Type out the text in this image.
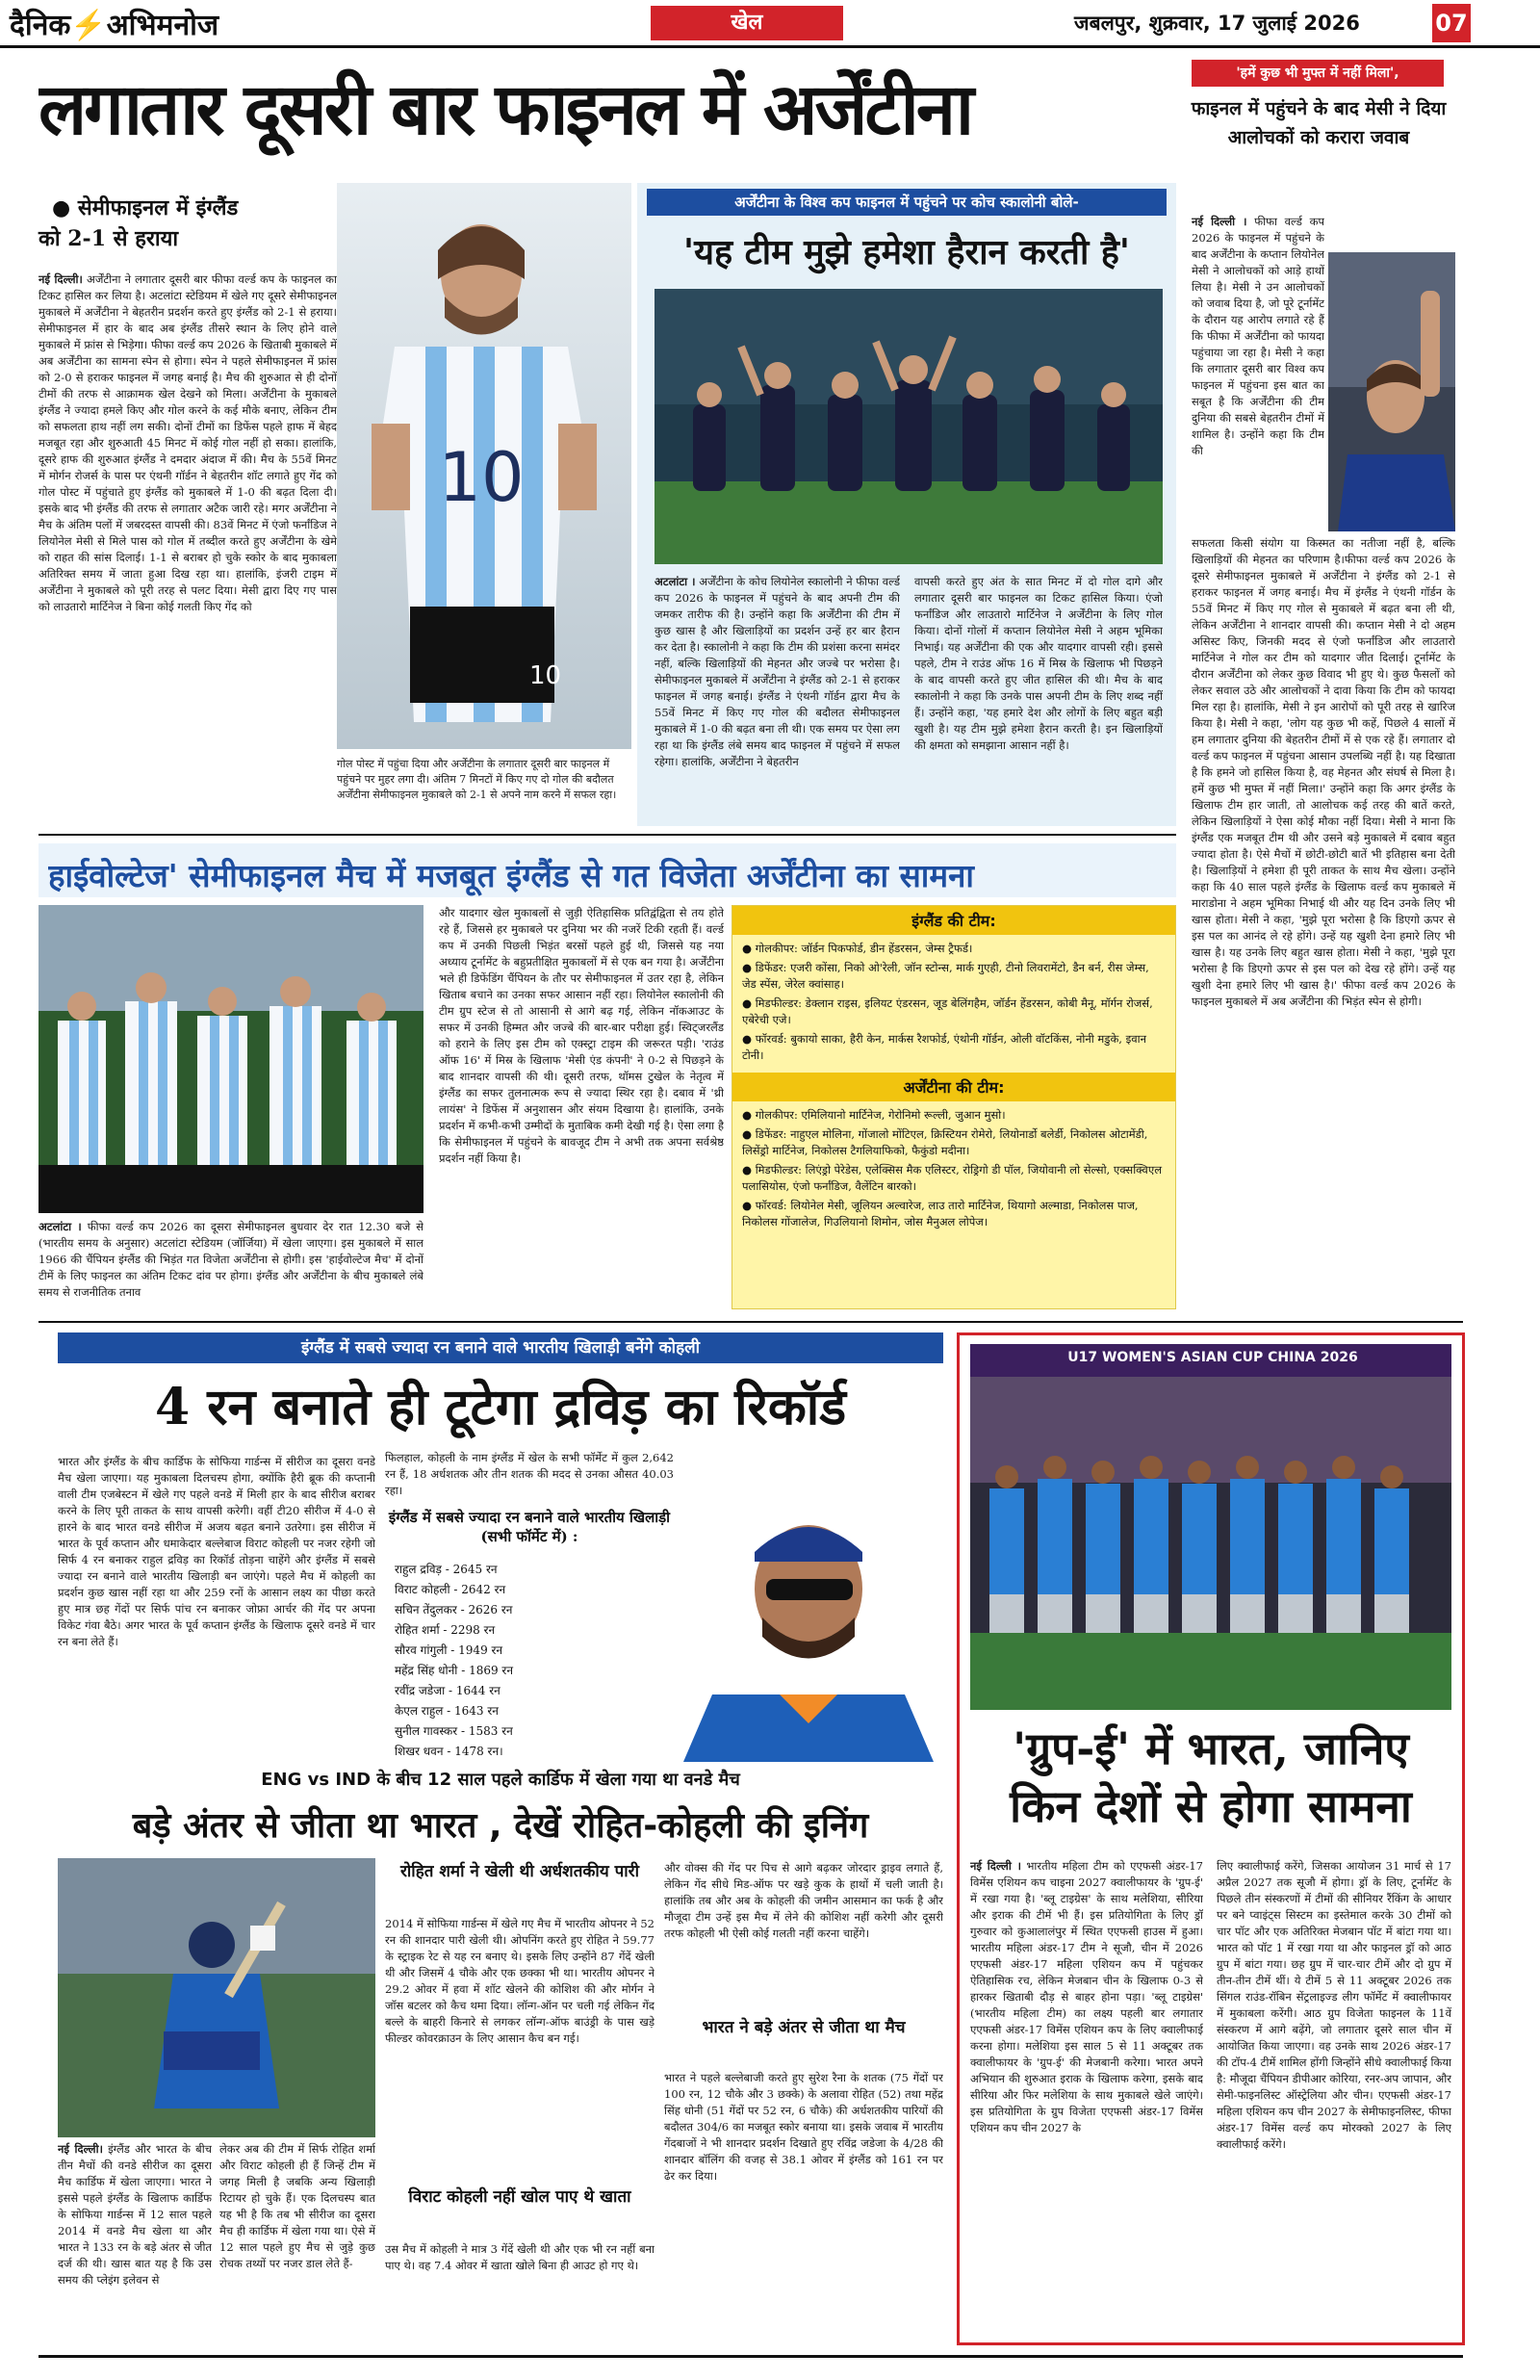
दैनिक⚡अभिमनोज	खेल	जबलपुर, शुक्रवार, 17 जुलाई 2026	07
लगातार दूसरी बार फाइनल में अर्जेंटीना
● सेमीफाइनल में इंग्लैंड
को 2-1 से हराया
नई दिल्ली। अर्जेंटीना ने लगातार दूसरी बार फीफा वर्ल्ड कप के फाइनल का टिकट हासिल कर लिया है। अटलांटा स्टेडियम में खेले गए दूसरे सेमीफाइनल मुकाबले में अर्जेंटीना ने बेहतरीन प्रदर्शन करते हुए इंग्लैंड को 2-1 से हराया। सेमीफाइनल में हार के बाद अब इंग्लैंड तीसरे स्थान के लिए होने वाले मुकाबले में फ्रांस से भिड़ेगा। फीफा वर्ल्ड कप 2026 के खिताबी मुकाबले में अब अर्जेंटीना का सामना स्पेन से होगा। स्पेन ने पहले सेमीफाइनल में फ्रांस को 2-0 से हराकर फाइनल में जगह बनाई है। मैच की शुरुआत से ही दोनों टीमों की तरफ से आक्रामक खेल देखने को मिला। अर्जेंटीना के मुकाबले इंग्लैंड ने ज्यादा हमले किए और गोल करने के कई मौके बनाए, लेकिन टीम को सफलता हाथ नहीं लग सकी। दोनों टीमों का डिफेंस पहले हाफ में बेहद मजबूत रहा और शुरुआती 45 मिनट में कोई गोल नहीं हो सका। हालांकि, दूसरे हाफ की शुरुआत इंग्लैंड ने दमदार अंदाज में की। मैच के 55वें मिनट में मोर्गन रोजर्स के पास पर एंथनी गॉर्डन ने बेहतरीन शॉट लगाते हुए गेंद को गोल पोस्ट में पहुंचाते हुए इंग्लैंड को मुकाबले में 1-0 की बढ़त दिला दी। इसके बाद भी इंग्लैंड की तरफ से लगातार अटैक जारी रहे। मगर अर्जेंटीना ने मैच के अंतिम पलों में जबरदस्त वापसी की। 83वें मिनट में एंजो फर्नांडिज ने लियोनेल मेसी से मिले पास को गोल में तब्दील करते हुए अर्जेंटीना के खेमे को राहत की सांस दिलाई। 1-1 से बराबर हो चुके स्कोर के बाद मुकाबला अतिरिक्त समय में जाता हुआ दिख रहा था। हालांकि, इंजरी टाइम में अर्जेंटीना ने मुकाबले को पूरी तरह से पलट दिया। मेसी द्वारा दिए गए पास को लाउतारो मार्टिनेज ने बिना कोई गलती किए गेंद को
10
10
गोल पोस्ट में पहुंचा दिया और अर्जेंटीना के लगातार दूसरी बार फाइनल में पहुंचने पर मुहर लगा दी। अंतिम 7 मिनटों में किए गए दो गोल की बदौलत अर्जेंटीना सेमीफाइनल मुकाबले को 2-1 से अपने नाम करने में सफल रहा।
अर्जेंटीना के विश्व कप फाइनल में पहुंचने पर कोच स्कालोनी बोले-
'यह टीम मुझे हमेशा हैरान करती है'
अटलांटा । अर्जेंटीना के कोच लियोनेल स्कालोनी ने फीफा वर्ल्ड कप 2026 के फाइनल में पहुंचने के बाद अपनी टीम की जमकर तारीफ की है। उन्होंने कहा कि अर्जेंटीना की टीम में कुछ खास है और खिलाड़ियों का प्रदर्शन उन्हें हर बार हैरान कर देता है। स्कालोनी ने कहा कि टीम की प्रशंसा करना समंदर नहीं, बल्कि खिलाड़ियों की मेहनत और जज्बे पर भरोसा है। सेमीफाइनल मुकाबले में अर्जेंटीना ने इंग्लैंड को 2-1 से हराकर फाइनल में जगह बनाई। इंग्लैंड ने एंथनी गॉर्डन द्वारा मैच के 55वें मिनट में किए गए गोल की बदौलत सेमीफाइनल मुकाबले में 1-0 की बढ़त बना ली थी। एक समय पर ऐसा लग रहा था कि इंग्लैंड लंबे समय बाद फाइनल में पहुंचने में सफल रहेगा। हालांकि, अर्जेंटीना ने बेहतरीन
वापसी करते हुए अंत के सात मिनट में दो गोल दागे और लगातार दूसरी बार फाइनल का टिकट हासिल किया। एंजो फर्नांडिज और लाउतारो मार्टिनेज ने अर्जेंटीना के लिए गोल किया। दोनों गोलों में कप्तान लियोनेल मेसी ने अहम भूमिका निभाई। यह अर्जेंटीना की एक और यादगार वापसी रही। इससे पहले, टीम ने राउंड ऑफ 16 में मिस्र के खिलाफ भी पिछड़ने के बाद वापसी करते हुए जीत हासिल की थी। मैच के बाद स्कालोनी ने कहा कि उनके पास अपनी टीम के लिए शब्द नहीं हैं। उन्होंने कहा, 'यह हमारे देश और लोगों के लिए बहुत बड़ी खुशी है। यह टीम मुझे हमेशा हैरान करती है। इन खिलाड़ियों की क्षमता को समझाना आसान नहीं है।
'हमें कुछ भी मुफ्त में नहीं मिला',
फाइनल में पहुंचने के बाद मेसी ने दिया आलोचकों को करारा जवाब
नई दिल्ली । फीफा वर्ल्ड कप 2026 के फाइनल में पहुंचने के बाद अर्जेंटीना के कप्तान लियोनेल मेसी ने आलोचकों को आड़े हाथों लिया है। मेसी ने उन आलोचकों को जवाब दिया है, जो पूरे टूर्नामेंट के दौरान यह आरोप लगाते रहे हैं कि फीफा में अर्जेंटीना को फायदा पहुंचाया जा रहा है। मेसी ने कहा कि लगातार दूसरी बार विश्व कप फाइनल में पहुंचना इस बात का सबूत है कि अर्जेंटीना की टीम दुनिया की सबसे बेहतरीन टीमों में शामिल है। उन्होंने कहा कि टीम की
सफलता किसी संयोग या किस्मत का नतीजा नहीं है, बल्कि खिलाड़ियों की मेहनत का परिणाम है।फीफा वर्ल्ड कप 2026 के दूसरे सेमीफाइनल मुकाबले में अर्जेंटीना ने इंग्लैंड को 2-1 से हराकर फाइनल में जगह बनाई। मैच में इंग्लैंड ने एंथनी गॉर्डन के 55वें मिनट में किए गए गोल से मुकाबले में बढ़त बना ली थी, लेकिन अर्जेंटीना ने शानदार वापसी की। कप्तान मेसी ने दो अहम असिस्ट किए, जिनकी मदद से एंजो फर्नांडिज और लाउतारो मार्टिनेज ने गोल कर टीम को यादगार जीत दिलाई। टूर्नामेंट के दौरान अर्जेंटीना को लेकर कुछ विवाद भी हुए थे। कुछ फैसलों को लेकर सवाल उठे और आलोचकों ने दावा किया कि टीम को फायदा मिल रहा है। हालांकि, मेसी ने इन आरोपों को पूरी तरह से खारिज किया है। मेसी ने कहा, 'लोग यह कुछ भी कहें, पिछले 4 सालों में हम लगातार दुनिया की बेहतरीन टीमों में से एक रहे हैं। लगातार दो वर्ल्ड कप फाइनल में पहुंचना आसान उपलब्धि नहीं है। यह दिखाता है कि हमने जो हासिल किया है, वह मेहनत और संघर्ष से मिला है। हमें कुछ भी मुफ्त में नहीं मिला।' उन्होंने कहा कि अगर इंग्लैंड के खिलाफ टीम हार जाती, तो आलोचक कई तरह की बातें करते, लेकिन खिलाड़ियों ने ऐसा कोई मौका नहीं दिया। मेसी ने माना कि इंग्लैंड एक मजबूत टीम थी और उसने बड़े मुकाबले में दबाव बहुत ज्यादा होता है। ऐसे मैचों में छोटी-छोटी बातें भी इतिहास बना देती है। खिलाड़ियों ने हमेशा ही पूरी ताकत के साथ मैच खेला। उन्होंने कहा कि 40 साल पहले इंग्लैंड के खिलाफ वर्ल्ड कप मुकाबले में माराडोना ने अहम भूमिका निभाई थी और यह दिन उनके लिए भी खास होता। मेसी ने कहा, 'मुझे पूरा भरोसा है कि डिएगो ऊपर से इस पल का आनंद ले रहे होंगे। उन्हें यह खुशी देना हमारे लिए भी खास है। यह उनके लिए बहुत खास होता। मेसी ने कहा, 'मुझे पूरा भरोसा है कि डिएगो ऊपर से इस पल को देख रहे होंगे। उन्हें यह खुशी देना हमारे लिए भी खास है।' फीफा वर्ल्ड कप 2026 के फाइनल मुकाबले में अब अर्जेंटीना की भिड़ंत स्पेन से होगी।
हाईवोल्टेज' सेमीफाइनल मैच में मजबूत इंग्लैंड से गत विजेता अर्जेंटीना का सामना
अटलांटा । फीफा वर्ल्ड कप 2026 का दूसरा सेमीफाइनल बुधवार देर रात 12.30 बजे से (भारतीय समय के अनुसार) अटलांटा स्टेडियम (जॉर्जिया) में खेला जाएगा। इस मुकाबले में साल 1966 की चैंपियन इंग्लैंड की भिड़ंत गत विजेता अर्जेंटीना से होगी। इस 'हाईवोल्टेज मैच' में दोनों टीमें के लिए फाइनल का अंतिम टिकट दांव पर होगा। इंग्लैंड और अर्जेंटीना के बीच मुकाबले लंबे समय से राजनीतिक तनाव
और यादगार खेल मुकाबलों से जुड़ी ऐतिहासिक प्रतिद्वंद्विता से तय होते रहे हैं, जिससे हर मुकाबले पर दुनिया भर की नजरें टिकी रहती हैं। वर्ल्ड कप में उनकी पिछली भिड़ंत बरसों पहले हुई थी, जिससे यह नया अध्याय टूर्नामेंट के बहुप्रतीक्षित मुकाबलों में से एक बन गया है। अर्जेंटीना भले ही डिफेंडिंग चैंपियन के तौर पर सेमीफाइनल में उतर रहा है, लेकिन खिताब बचाने का उनका सफर आसान नहीं रहा। लियोनेल स्कालोनी की टीम ग्रुप स्टेज से तो आसानी से आगे बढ़ गई, लेकिन नॉकआउट के सफर में उनकी हिम्मत और जज्बे की बार-बार परीक्षा हुई। स्विट्जरलैंड को हराने के लिए इस टीम को एक्स्ट्रा टाइम की जरूरत पड़ी। 'राउंड ऑफ 16' में मिस्र के खिलाफ 'मेसी एंड कंपनी' ने 0-2 से पिछड़ने के बाद शानदार वापसी की थी। दूसरी तरफ, थॉमस टुखेल के नेतृत्व में इंग्लैंड का सफर तुलनात्मक रूप से ज्यादा स्थिर रहा है। दबाव में 'थ्री लायंस' ने डिफेंस में अनुशासन और संयम दिखाया है। हालांकि, उनके प्रदर्शन में कभी-कभी उम्मीदों के मुताबिक कमी देखी गई है। ऐसा लगा है कि सेमीफाइनल में पहुंचने के बावजूद टीम ने अभी तक अपना सर्वश्रेष्ठ प्रदर्शन नहीं किया है।
इंग्लैंड की टीम:

● गोलकीपर: जॉर्डन पिकफोर्ड, डीन हेंडरसन, जेम्स ट्रैफर्ड।

● डिफेंडर: एजरी कोंसा, निको ओ'रेली, जॉन स्टोन्स, मार्क गुएही, टीनो लिवरामेंटो, डैन बर्न, रीस जेम्स, जेड स्पेंस, जेरेल क्वांसाह।

● मिडफील्डर: डेक्लान राइस, इलियट एंडरसन, जूड बेलिंगहैम, जॉर्डन हेंडरसन, कोबी मैनू, मॉर्गन रोजर्स, एबेरेची एजे।

● फॉरवर्ड: बुकायो साका, हैरी केन, मार्कस रैशफोर्ड, एंथोनी गॉर्डन, ओली वॉटकिंस, नोनी मडुके, इवान टोनी।

अर्जेंटीना की टीम:

● गोलकीपर: एमिलियानो मार्टिनेज, गेरोनिमो रूल्ली, जुआन मुसो।

● डिफेंडर: नाहुएल मोलिना, गोंजालो मोंटिएल, क्रिस्टियन रोमेरो, लियोनार्डो बलेर्डी, निकोलस ओटामेंडी, लिसेंड्रो मार्टिनेज, निकोलस टैगलियाफिको, फैकुंडो मदीना।

● मिडफील्डर: लिएंड्रो पेरेडेस, एलेक्सिस मैक एलिस्टर, रोड्रिगो डी पॉल, जियोवानी लो सेल्सो, एक्सक्विएल पलासियोस, एंजो फर्नांडिज, वैलेंटिन बारको।

● फॉरवर्ड: लियोनेल मेसी, जूलियन अल्वारेज, लाउ तारो मार्टिनेज, थियागो अल्माडा, निकोलस पाज, निकोलस गोंजालेज, गिउलियानो शिमोन, जोस मैनुअल लोपेज।

इंग्लैंड में सबसे ज्यादा रन बनाने वाले भारतीय खिलाड़ी बनेंगे कोहली
4 रन बनाते ही टूटेगा द्रविड़ का रिकॉर्ड
भारत और इंग्लैंड के बीच कार्डिफ के सोफिया गार्डन्स में सीरीज का दूसरा वनडे मैच खेला जाएगा। यह मुकाबला दिलचस्प होगा, क्योंकि हैरी ब्रूक की कप्तानी वाली टीम एजबेस्टन में खेले गए पहले वनडे में मिली हार के बाद सीरीज बराबर करने के लिए पूरी ताकत के साथ वापसी करेगी। वहीं टी20 सीरीज में 4-0 से हारने के बाद भारत वनडे सीरीज में अजय बढ़त बनाने उतरेगा। इस सीरीज में भारत के पूर्व कप्तान और धमाकेदार बल्लेबाज विराट कोहली पर नजर रहेगी जो सिर्फ 4 रन बनाकर राहुल द्रविड़ का रिकॉर्ड तोड़ना चाहेंगे और इंग्लैंड में सबसे ज्यादा रन बनाने वाले भारतीय खिलाड़ी बन जाएंगे। पहले मैच में कोहली का प्रदर्शन कुछ खास नहीं रहा था और 259 रनों के आसान लक्ष्य का पीछा करते हुए मात्र छह गेंदों पर सिर्फ पांच रन बनाकर जोफ्रा आर्चर की गेंद पर अपना विकेट गंवा बैठे। अगर भारत के पूर्व कप्तान इंग्लैंड के खिलाफ दूसरे वनडे में चार रन बना लेते हैं।
फिलहाल, कोहली के नाम इंग्लैंड में खेल के सभी फॉर्मेट में कुल 2,642 रन हैं, 18 अर्धशतक और तीन शतक की मदद से उनका औसत 40.03 रहा।
इंग्लैंड में सबसे ज्यादा रन बनाने वाले भारतीय खिलाड़ी (सभी फॉर्मेट में) :
राहुल द्रविड़ - 2645 रन
विराट कोहली - 2642 रन
सचिन तेंदुलकर - 2626 रन
रोहित शर्मा - 2298 रन
सौरव गांगुली - 1949 रन
महेंद्र सिंह धोनी - 1869 रन
रवींद्र जडेजा - 1644 रन
केएल राहुल - 1643 रन
सुनील गावस्कर - 1583 रन
शिखर धवन - 1478 रन।
ENG vs IND के बीच 12 साल पहले कार्डिफ में खेला गया था वनडे मैच
बड़े अंतर से जीता था भारत , देखें रोहित-कोहली की इनिंग
नई दिल्ली। इंग्लैंड और भारत के बीच तीन मैचों की वनडे सीरीज का दूसरा मैच कार्डिफ में खेला जाएगा। भारत ने इससे पहले इंग्लैंड के खिलाफ कार्डिफ के सोफिया गार्डन्स में 12 साल पहले 2014 में वनडे मैच खेला था और भारत ने 133 रन के बड़े अंतर से जीत दर्ज की थी। खास बात यह है कि उस समय की प्लेइंग इलेवन से
लेकर अब की टीम में सिर्फ रोहित शर्मा और विराट कोहली ही हैं जिन्हें टीम में जगह मिली है जबकि अन्य खिलाड़ी रिटायर हो चुके हैं। एक दिलचस्प बात यह भी है कि तब भी सीरीज का दूसरा मैच ही कार्डिफ में खेला गया था। ऐसे में 12 साल पहले हुए मैच से जुड़े कुछ रोचक तथ्यों पर नजर डाल लेते हैं-
रोहित शर्मा ने खेली थी अर्धशतकीय पारी
2014 में सोफिया गार्डन्स में खेले गए मैच में भारतीय ओपनर ने 52 रन की शानदार पारी खेली थी। ओपनिंग करते हुए रोहित ने 59.77 के स्ट्राइक रेट से यह रन बनाए थे। इसके लिए उन्होंने 87 गेंदें खेली थी और जिसमें 4 चौके और एक छक्का भी था। भारतीय ओपनर ने 29.2 ओवर में हवा में शॉट खेलने की कोशिश की और मोर्गन ने जॉस बटलर को कैच थमा दिया। लॉन्ग-ऑन पर चली गई लेकिन गेंद बल्ले के बाहरी किनारे से लगकर लॉन्ग-ऑफ बाउंड्री के पास खड़े फील्डर कोवरक्राउन के लिए आसान कैच बन गई।
विराट कोहली नहीं खोल पाए थे खाता
उस मैच में कोहली ने मात्र 3 गेंदें खेली थी और एक भी रन नहीं बना पाए थे। वह 7.4 ओवर में खाता खोले बिना ही आउट हो गए थे।
और वोक्स की गेंद पर पिच से आगे बढ़कर जोरदार ड्राइव लगाते हैं, लेकिन गेंद सीधे मिड-ऑफ पर खड़े कुक के हाथों में चली जाती है। हालांकि तब और अब के कोहली की जमीन आसमान का फर्क है और मौजूदा टीम उन्हें इस मैच में लेने की कोशिश नहीं करेगी और दूसरी तरफ कोहली भी ऐसी कोई गलती नहीं करना चाहेंगे।
भारत ने बड़े अंतर से जीता था मैच
भारत ने पहले बल्लेबाजी करते हुए सुरेश रैना के शतक (75 गेंदों पर 100 रन, 12 चौके और 3 छक्के) के अलावा रोहित (52) तथा महेंद्र सिंह धोनी (51 गेंदों पर 52 रन, 6 चौके) की अर्धशतकीय पारियों की बदौलत 304/6 का मजबूत स्कोर बनाया था। इसके जवाब में भारतीय गेंदबाजों ने भी शानदार प्रदर्शन दिखाते हुए रविंद्र जडेजा के 4/28 की शानदार बॉलिंग की वजह से 38.1 ओवर में इंग्लैंड को 161 रन पर ढेर कर दिया।
U17 WOMEN'S ASIAN CUP CHINA 2026
'ग्रुप-ई' में भारत, जानिए
किन देशों से होगा सामना
नई दिल्ली । भारतीय महिला टीम को एएफसी अंडर-17 विमेंस एशियन कप चाइना 2027 क्वालीफायर के 'ग्रुप-ई' में रखा गया है। 'ब्लू टाइग्रेस' के साथ मलेशिया, सीरिया और इराक की टीमें भी हैं। इस प्रतियोगिता के लिए ड्रॉ गुरुवार को कुआलालंपुर में स्थित एएफसी हाउस में हुआ। भारतीय महिला अंडर-17 टीम ने सूजौ, चीन में 2026 एएफसी अंडर-17 महिला एशियन कप में पहुंचकर ऐतिहासिक रच, लेकिन मेजबान चीन के खिलाफ 0-3 से हारकर खिताबी दौड़ से बाहर होना पड़ा। 'ब्लू टाइग्रेस' (भारतीय महिला टीम) का लक्ष्य पहली बार लगातार एएफसी अंडर-17 विमेंस एशियन कप के लिए क्वालीफाई करना होगा। मलेशिया इस साल 5 से 11 अक्टूबर तक क्वालीफायर के 'ग्रुप-ई' की मेजबानी करेगा। भारत अपने अभियान की शुरुआत इराक के खिलाफ करेगा, इसके बाद सीरिया और फिर मलेशिया के साथ मुकाबले खेले जाएंगे। इस प्रतियोगिता के ग्रुप विजेता एएफसी अंडर-17 विमेंस एशियन कप चीन 2027 के
लिए क्वालीफाई करेंगे, जिसका आयोजन 31 मार्च से 17 अप्रैल 2027 तक सूजौ में होगा। ड्रॉ के लिए, टूर्नामेंट के पिछले तीन संस्करणों में टीमों की सीनियर रैंकिंग के आधार पर बने प्वाइंट्स सिस्टम का इस्तेमाल करके 30 टीमों को चार पॉट और एक अतिरिक्त मेजबान पॉट में बांटा गया था। भारत को पॉट 1 में रखा गया था और फाइनल ड्रॉ को आठ ग्रुप में बांटा गया। छह ग्रुप में चार-चार टीमें और दो ग्रुप में तीन-तीन टीमें थीं। ये टीमें 5 से 11 अक्टूबर 2026 तक सिंगल राउंड-रॉबिन सेंट्रलाइज्ड लीग फॉर्मेट में क्वालीफायर में मुकाबला करेंगी। आठ ग्रुप विजेता फाइनल के 11वें संस्करण में आगे बढ़ेंगे, जो लगातार दूसरे साल चीन में आयोजित किया जाएगा। वह उनके साथ 2026 अंडर-17 की टॉप-4 टीमें शामिल होंगी जिन्होंने सीधे क्वालीफाई किया है: मौजूदा चैंपियन डीपीआर कोरिया, रनर-अप जापान, और सेमी-फाइनलिस्ट ऑस्ट्रेलिया और चीन। एएफसी अंडर-17 महिला एशियन कप चीन 2027 के सेमीफाइनलिस्ट, फीफा अंडर-17 विमेंस वर्ल्ड कप मोरक्को 2027 के लिए क्वालीफाई करेंगे।
